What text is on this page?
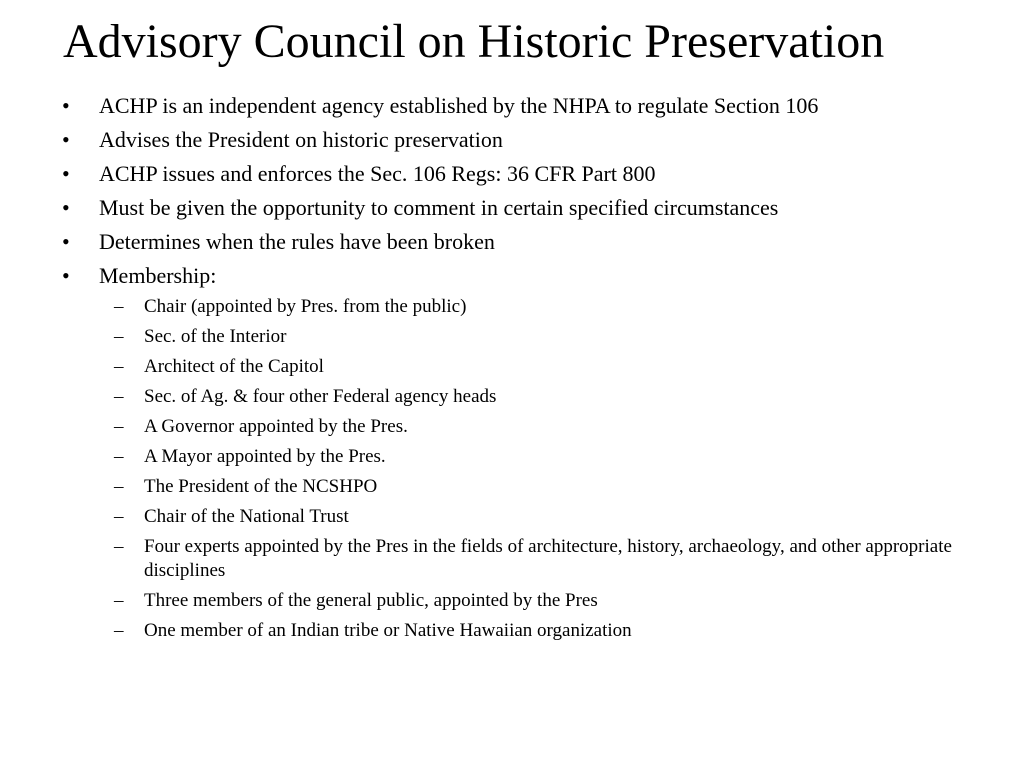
Advisory Council on Historic Preservation
• ACHP is an independent agency established by the NHPA to regulate Section 106
• Advises the President on historic preservation
• ACHP issues and enforces the Sec. 106 Regs: 36 CFR Part 800
• Must be given the opportunity to comment in certain specified circumstances
• Determines when the rules have been broken
• Membership:
– Chair (appointed by Pres. from the public)
– Sec. of the Interior
– Architect of the Capitol
– Sec. of Ag. & four other Federal agency heads
– A Governor appointed by the Pres.
– A Mayor appointed by the Pres.
– The President of the NCSHPO
– Chair of the National Trust
– Four experts appointed by the Pres in the fields of architecture, history, archaeology, and other appropriate disciplines
– Three members of the general public, appointed by the Pres
– One member of an Indian tribe or Native Hawaiian organization
